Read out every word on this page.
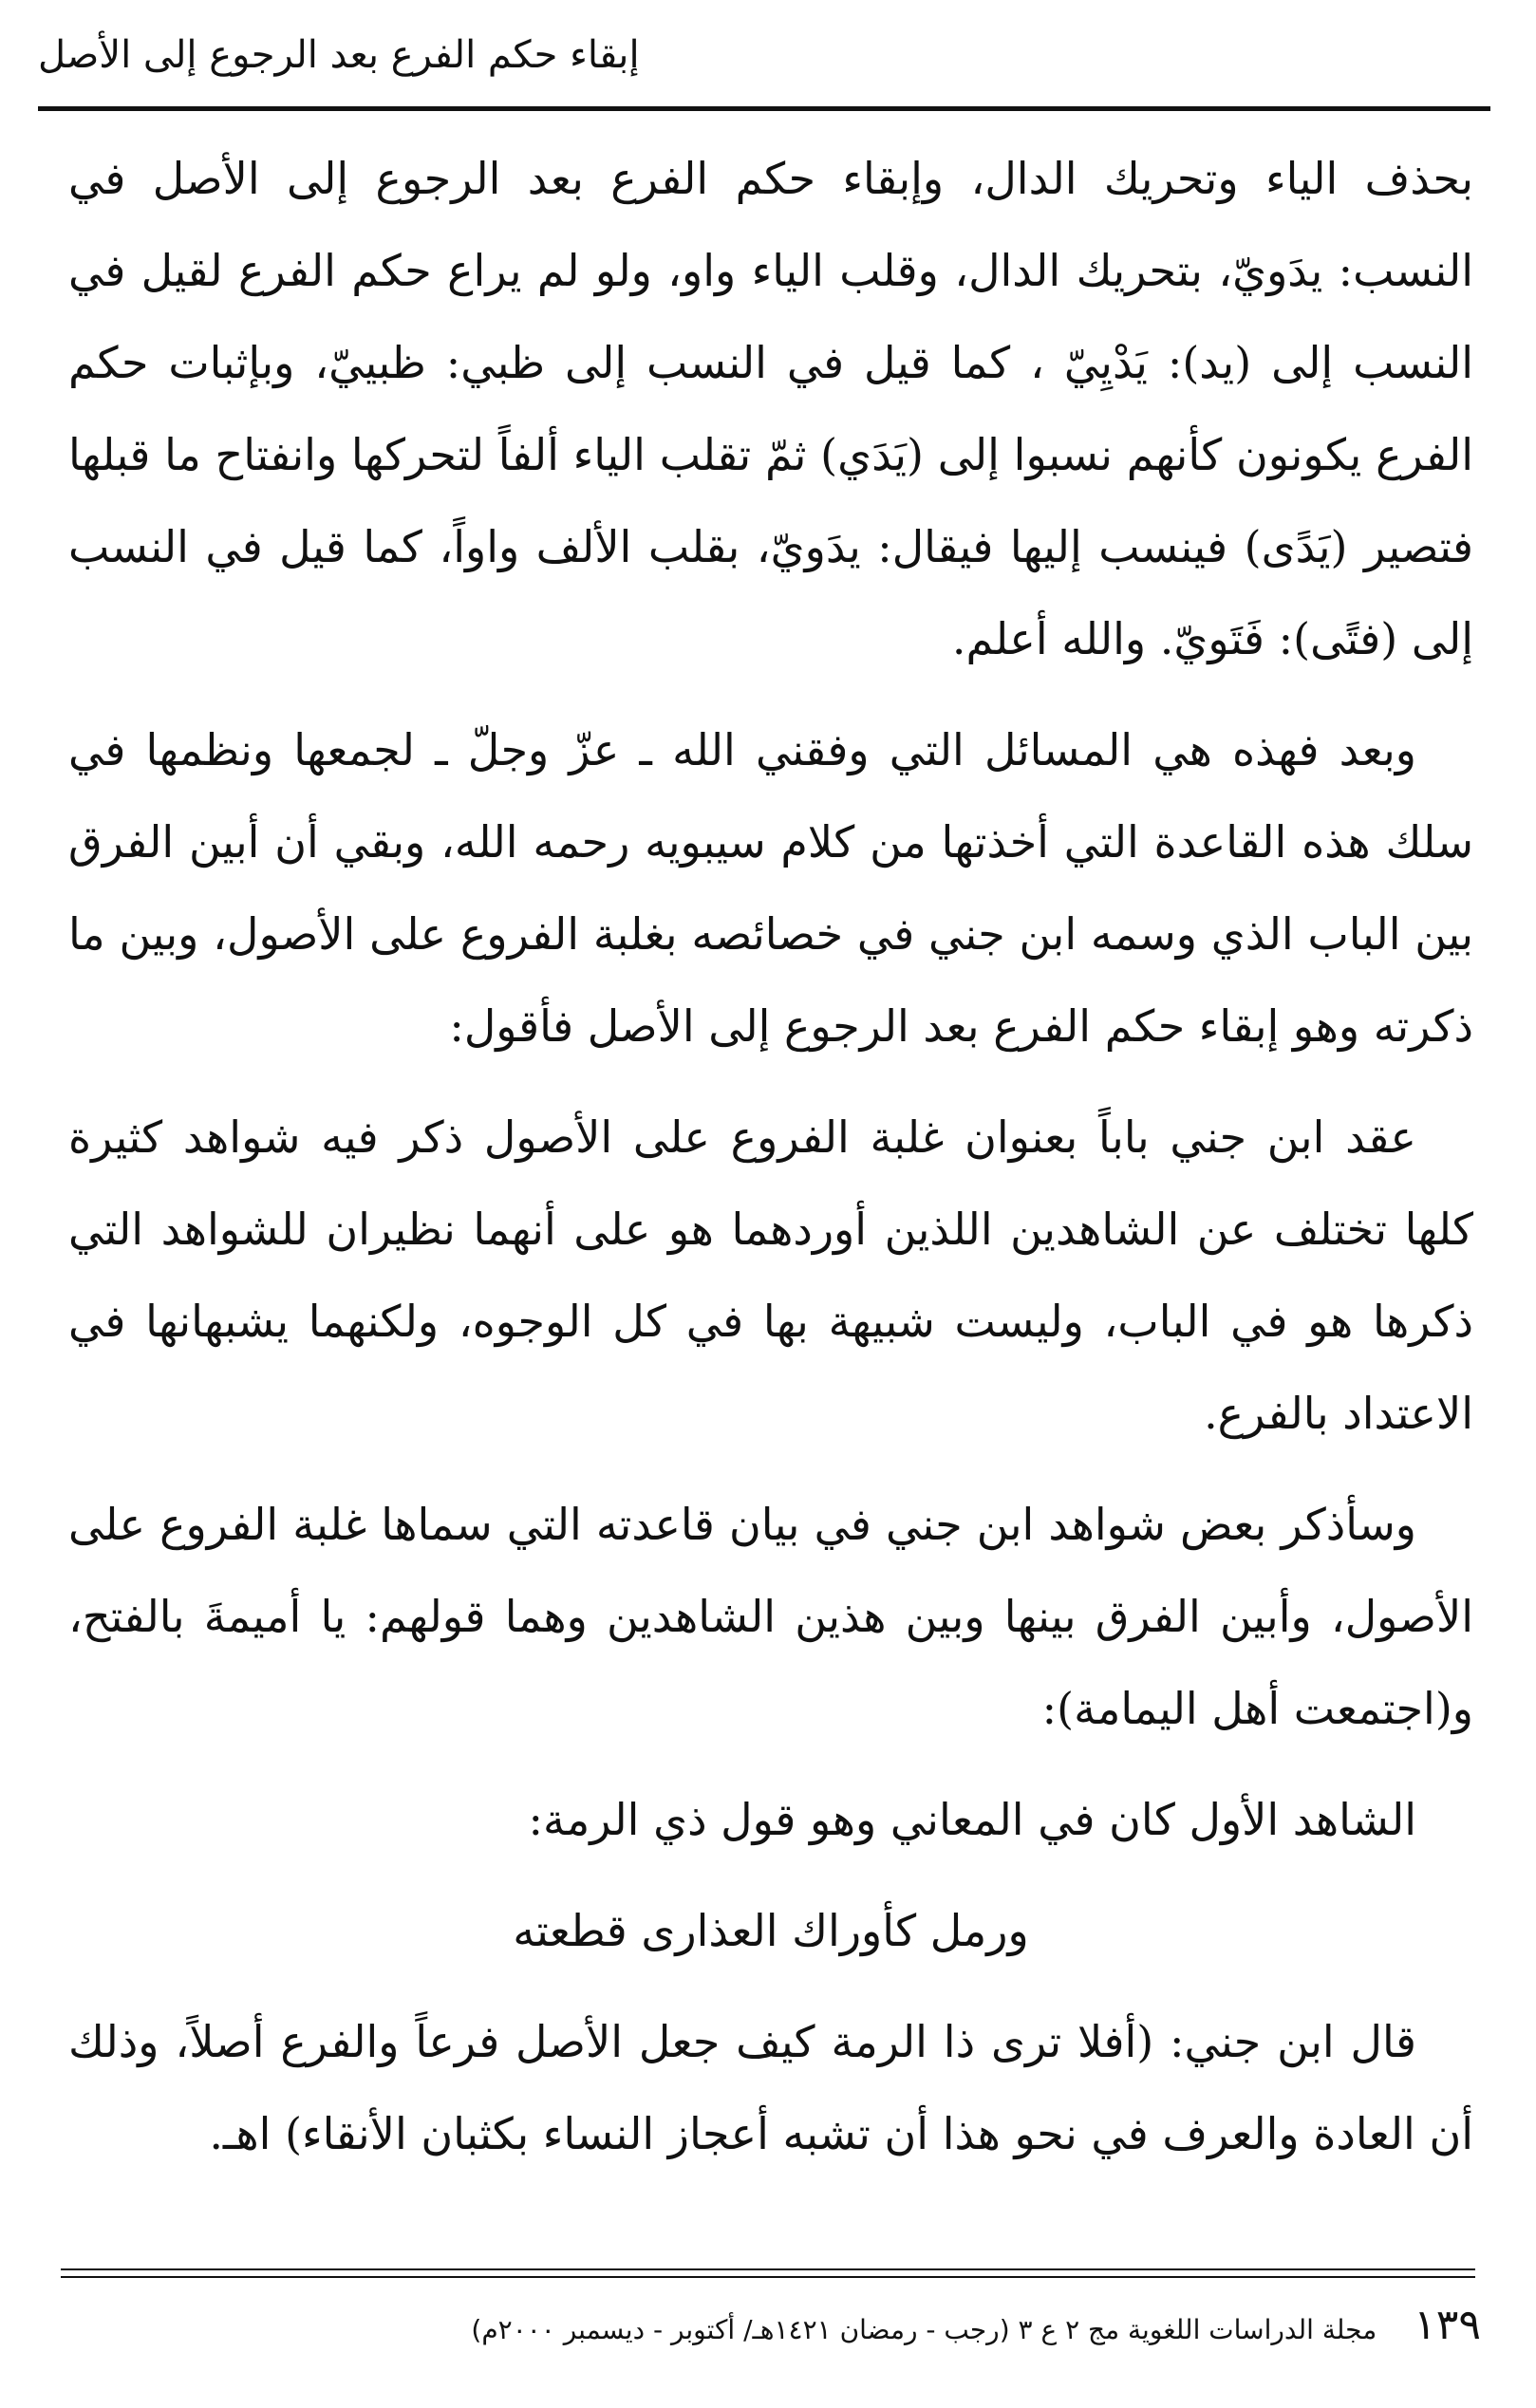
إبقاء حكم الفرع بعد الرجوع إلى الأصل

بحذف الياء وتحريك الدال، وإبقاء حكم الفرع بعد الرجوع إلى الأصل في النسب: يدَويّ، بتحريك الدال، وقلب الياء واو، ولو لم يراع حكم الفرع لقيل في النسب إلى (يد): يَدْيِيّ ، كما قيل في النسب إلى ظبي: ظبييّ، وبإثبات حكم الفرع يكونون كأنهم نسبوا إلى (يَدَي) ثمّ تقلب الياء ألفاً لتحركها وانفتاح ما قبلها فتصير (يَدًى) فينسب إليها فيقال: يدَويّ، بقلب الألف واواً، كما قيل في النسب إلى (فتًى): فَتَويّ. والله أعلم.

وبعد فهذه هي المسائل التي وفقني الله ـ عزّ وجلّ ـ لجمعها ونظمها في سلك هذه القاعدة التي أخذتها من كلام سيبويه رحمه الله، وبقي أن أبين الفرق بين الباب الذي وسمه ابن جني في خصائصه بغلبة الفروع على الأصول، وبين ما ذكرته وهو إبقاء حكم الفرع بعد الرجوع إلى الأصل فأقول:

عقد ابن جني باباً بعنوان غلبة الفروع على الأصول ذكر فيه شواهد كثيرة كلها تختلف عن الشاهدين اللذين أوردهما هو على أنهما نظيران للشواهد التي ذكرها هو في الباب، وليست شبيهة بها في كل الوجوه، ولكنهما يشبهانها في الاعتداد بالفرع.

وسأذكر بعض شواهد ابن جني في بيان قاعدته التي سماها غلبة الفروع على الأصول، وأبين الفرق بينها وبين هذين الشاهدين وهما قولهم: يا أميمةَ بالفتح، و(اجتمعت أهل اليمامة):

الشاهد الأول كان في المعاني وهو قول ذي الرمة:

ورمل كأوراك العذارى قطعته

قال ابن جني: (أفلا ترى ذا الرمة كيف جعل الأصل فرعاً والفرع أصلاً، وذلك أن العادة والعرف في نحو هذا أن تشبه أعجاز النساء بكثبان الأنقاء) اهـ.

١٣٩ مجلة الدراسات اللغوية مج ٢ ع ٣ (رجب - رمضان ١٤٢١هـ/ أكتوبر - ديسمبر ٢٠٠٠م)
